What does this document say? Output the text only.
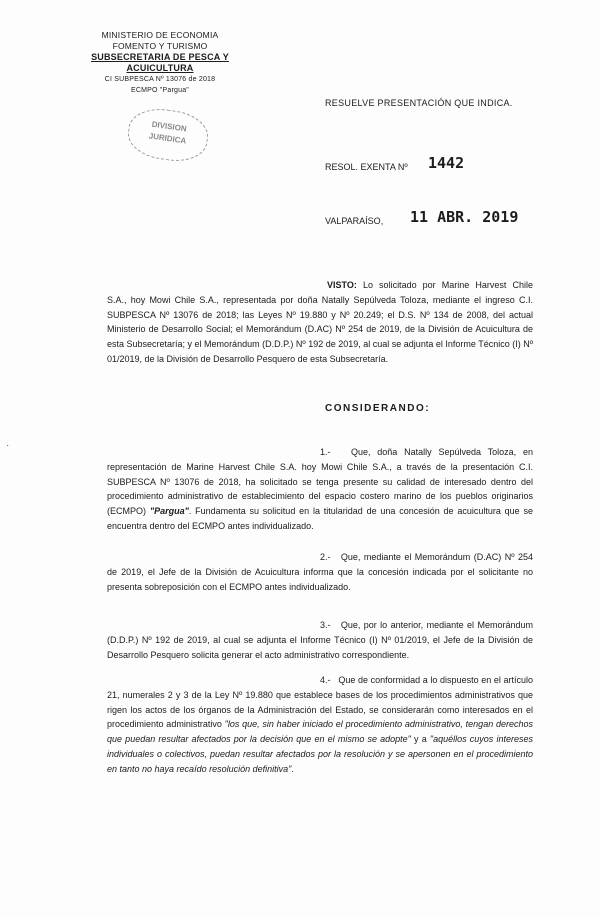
MINISTERIO DE ECONOMIA
FOMENTO Y TURISMO
SUBSECRETARIA DE PESCA Y ACUICULTURA
CI SUBPESCA Nº 13076 de 2018
ECMPO "Pargua"
DIVISION
JURIDICA
RESUELVE PRESENTACIÓN QUE INDICA.
RESOL. EXENTA Nº 1442
VALPARAÍSO, 11 ABR. 2019
VISTO: Lo solicitado por Marine Harvest Chile S.A., hoy Mowi Chile S.A., representada por doña Natally Sepúlveda Toloza, mediante el ingreso C.I. SUBPESCA Nº 13076 de 2018; las Leyes Nº 19.880 y Nº 20.249; el D.S. Nº 134 de 2008, del actual Ministerio de Desarrollo Social; el Memorándum (D.AC) Nº 254 de 2019, de la División de Acuicultura de esta Subsecretaría; y el Memorándum (D.D.P.) Nº 192 de 2019, al cual se adjunta el Informe Técnico (I) Nº 01/2019, de la División de Desarrollo Pesquero de esta Subsecretaría.
CONSIDERANDO:
1.- Que, doña Natally Sepúlveda Toloza, en representación de Marine Harvest Chile S.A. hoy Mowi Chile S.A., a través de la presentación C.I. SUBPESCA Nº 13076 de 2018, ha solicitado se tenga presente su calidad de interesado dentro del procedimiento administrativo de establecimiento del espacio costero marino de los pueblos originarios (ECMPO) "Pargua". Fundamenta su solicitud en la titularidad de una concesión de acuicultura que se encuentra dentro del ECMPO antes individualizado.
2.- Que, mediante el Memorándum (D.AC) Nº 254 de 2019, el Jefe de la División de Acuicultura informa que la concesión indicada por el solicitante no presenta sobreposición con el ECMPO antes individualizado.
3.- Que, por lo anterior, mediante el Memorándum (D.D.P.) Nº 192 de 2019, al cual se adjunta el Informe Técnico (I) Nº 01/2019, el Jefe de la División de Desarrollo Pesquero solicita generar el acto administrativo correspondiente.
4.- Que de conformidad a lo dispuesto en el artículo 21, numerales 2 y 3 de la Ley Nº 19.880 que establece bases de los procedimientos administrativos que rigen los actos de los órganos de la Administración del Estado, se considerarán como interesados en el procedimiento administrativo "los que, sin haber iniciado el procedimiento administrativo, tengan derechos que puedan resultar afectados por la decisión que en el mismo se adopte" y a "aquéllos cuyos intereses individuales o colectivos, puedan resultar afectados por la resolución y se apersonen en el procedimiento en tanto no haya recaído resolución definitiva".
·
